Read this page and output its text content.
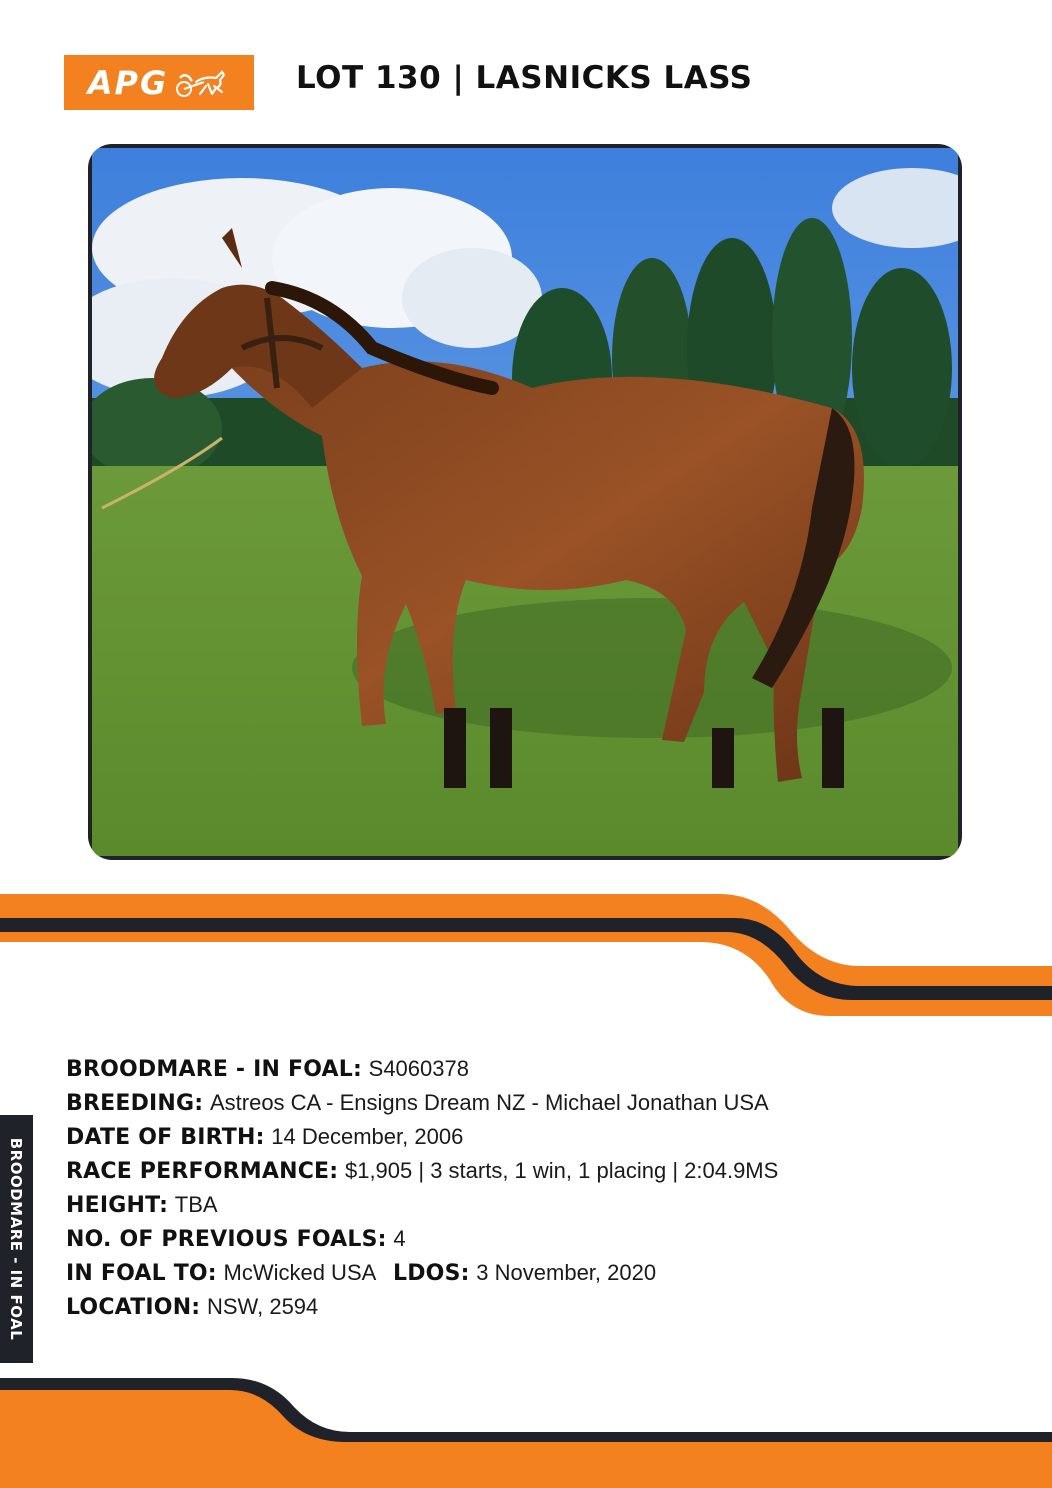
APG	LOT 130 | LASNICKS LASS
BROODMARE - IN FOAL: S4060378
BREEDING: Astreos CA - Ensigns Dream NZ - Michael Jonathan USA
DATE OF BIRTH: 14 December, 2006
RACE PERFORMANCE: $1,905 | 3 starts, 1 win, 1 placing | 2:04.9MS
HEIGHT: TBA
NO. OF PREVIOUS FOALS: 4
IN FOAL TO: McWicked USA LDOS: 3 November, 2020
LOCATION: NSW, 2594
BROODMARE - IN FOAL
